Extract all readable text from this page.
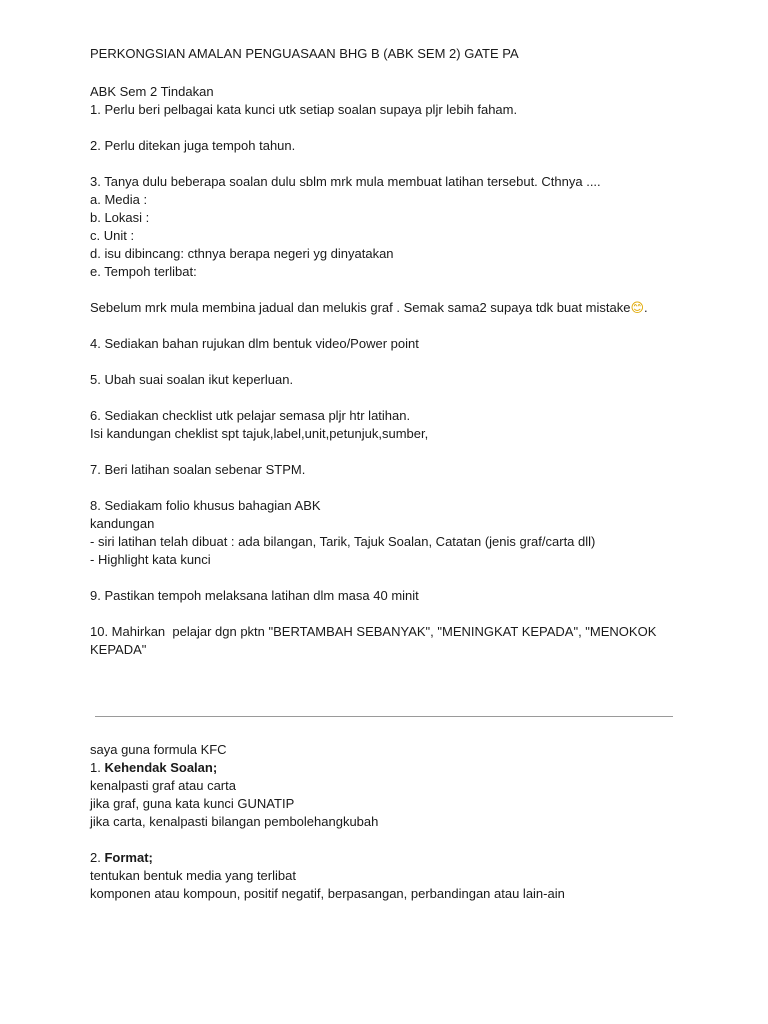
PERKONGSIAN AMALAN PENGUASAAN BHG B (ABK SEM 2) GATE PA
ABK Sem 2 Tindakan
1. Perlu beri pelbagai kata kunci utk setiap soalan supaya pljr lebih faham.
2. Perlu ditekan juga tempoh tahun.
3. Tanya dulu beberapa soalan dulu sblm mrk mula membuat latihan tersebut. Cthnya ....
a. Media :
b. Lokasi :
c. Unit :
d. isu dibincang: cthnya berapa negeri yg dinyatakan
e. Tempoh terlibat:
Sebelum mrk mula membina jadual dan melukis graf . Semak sama2 supaya tdk buat mistake😊.
4. Sediakan bahan rujukan dlm bentuk video/Power point
5. Ubah suai soalan ikut keperluan.
6. Sediakan checklist utk pelajar semasa pljr htr latihan.
Isi kandungan cheklist spt tajuk,label,unit,petunjuk,sumber,
7. Beri latihan soalan sebenar STPM.
8. Sediakam folio khusus bahagian ABK
kandungan
- siri latihan telah dibuat : ada bilangan, Tarik, Tajuk Soalan, Catatan (jenis graf/carta dll)
- Highlight kata kunci
9. Pastikan tempoh melaksana latihan dlm masa 40 minit
10. Mahirkan  pelajar dgn pktn "BERTAMBAH SEBANYAK", "MENINGKAT KEPADA", "MENOKOK
KEPADA"
saya guna formula KFC
1. Kehendak Soalan;
kenalpasti graf atau carta
jika graf, guna kata kunci GUNATIP
jika carta, kenalpasti bilangan pembolehangkubah
2. Format;
tentukan bentuk media yang terlibat
komponen atau kompoun, positif negatif, berpasangan, perbandingan atau lain-ain
